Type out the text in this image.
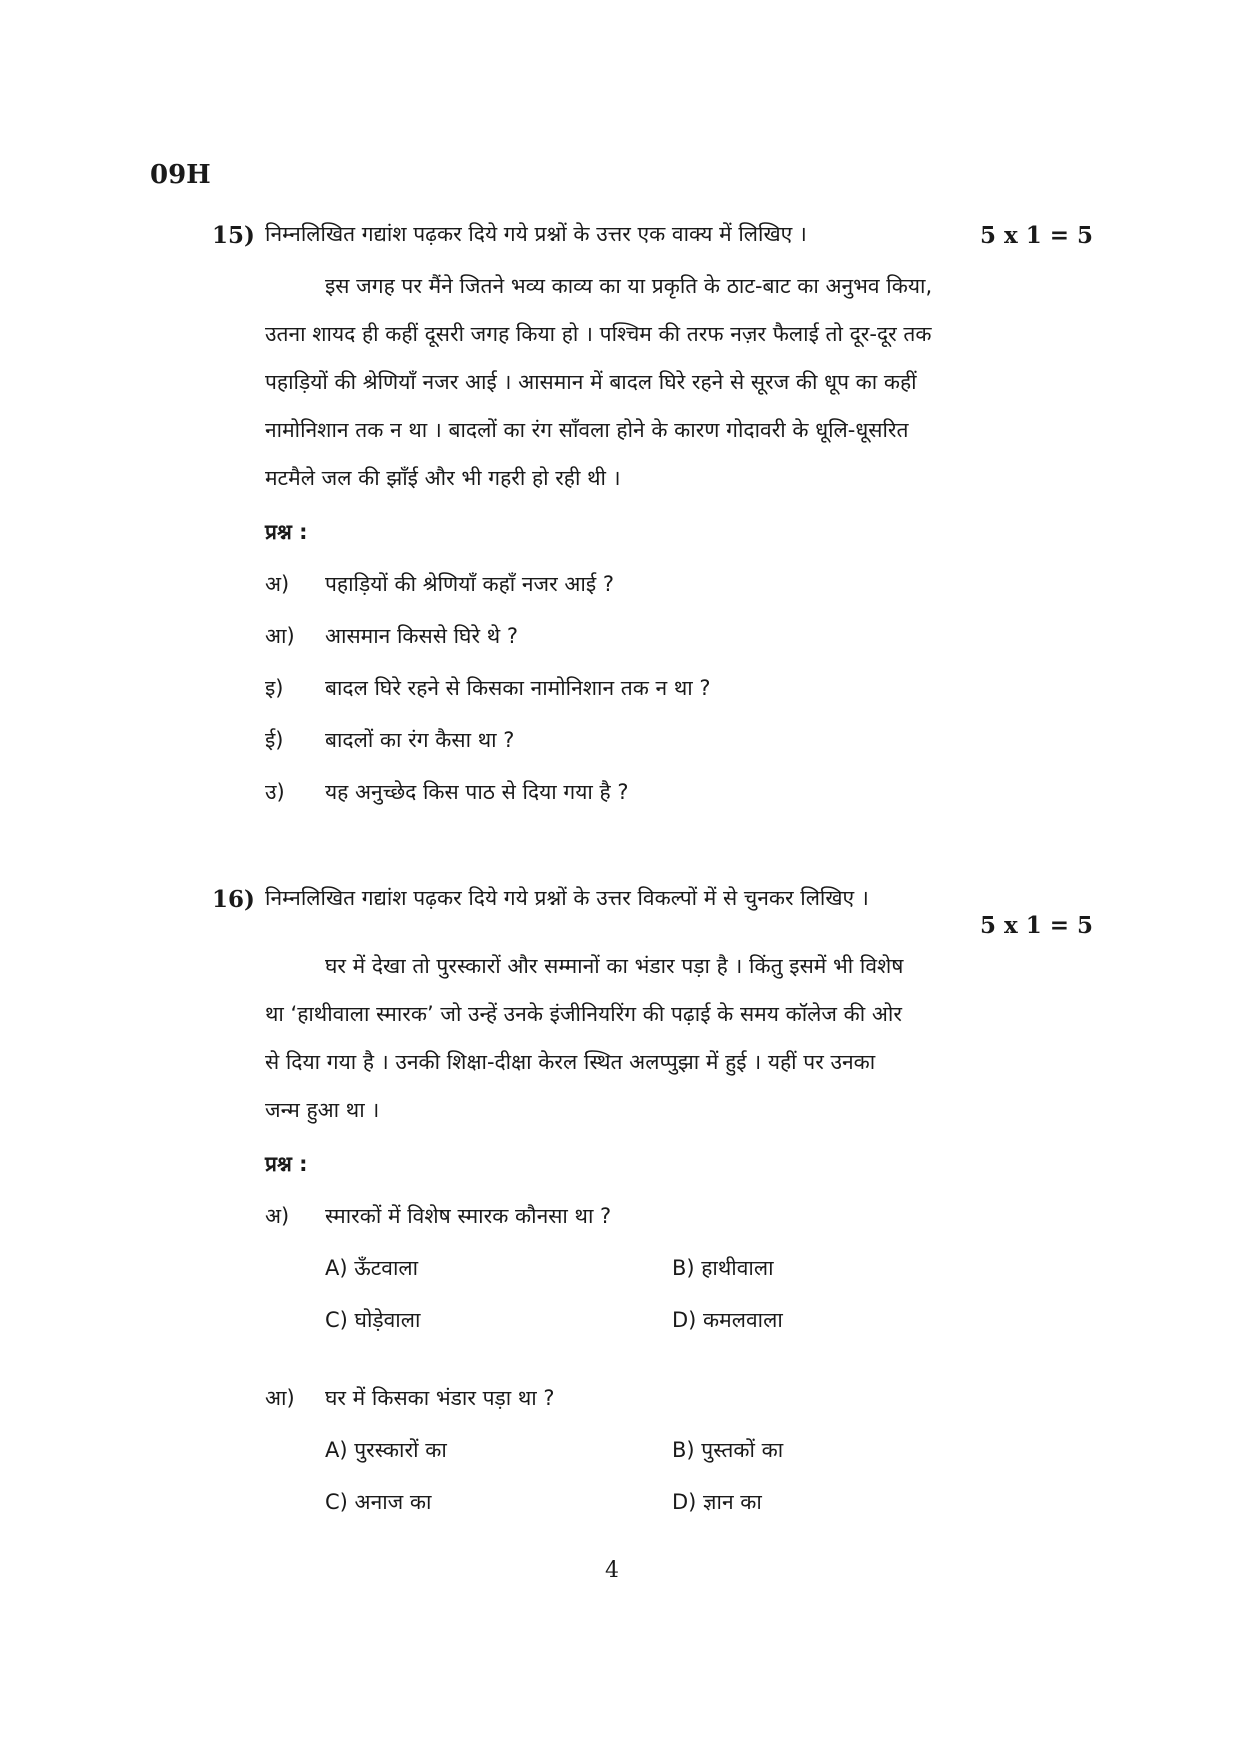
09H
15) निम्नलिखित गद्यांश पढ़कर दिये गये प्रश्नों के उत्तर एक वाक्य में लिखिए ।	5 x 1 = 5
इस जगह पर मैंने जितने भव्य काव्य का या प्रकृति के ठाट-बाट का अनुभव किया,
उतना शायद ही कहीं दूसरी जगह किया हो । पश्चिम की तरफ नज़र फैलाई तो दूर-दूर तक
पहाड़ियों की श्रेणियाँ नजर आई । आसमान में बादल घिरे रहने से सूरज की धूप का कहीं
नामोनिशान तक न था । बादलों का रंग साँवला होने के कारण गोदावरी के धूलि-धूसरित
मटमैले जल की झाँई और भी गहरी हो रही थी ।
प्रश्न :
अ) पहाड़ियों की श्रेणियाँ कहाँ नजर आई ?
आ) आसमान किससे घिरे थे ?
इ) बादल घिरे रहने से किसका नामोनिशान तक न था ?
ई) बादलों का रंग कैसा था ?
उ) यह अनुच्छेद किस पाठ से दिया गया है ?
16) निम्नलिखित गद्यांश पढ़कर दिये गये प्रश्नों के उत्तर विकल्पों में से चुनकर लिखिए ।
5 x 1 = 5
घर में देखा तो पुरस्कारों और सम्मानों का भंडार पड़ा है । किंतु इसमें भी विशेष
था ‘हाथीवाला स्मारक’ जो उन्हें उनके इंजीनियरिंग की पढ़ाई के समय कॉलेज की ओर
से दिया गया है । उनकी शिक्षा-दीक्षा केरल स्थित अलप्पुझा में हुई । यहीं पर उनका
जन्म हुआ था ।
प्रश्न :
अ) स्मारकों में विशेष स्मारक कौनसा था ?
A) ऊँटवाला	B) हाथीवाला
C) घोड़ेवाला	D) कमलवाला
आ) घर में किसका भंडार पड़ा था ?
A) पुरस्कारों का	B) पुस्तकों का
C) अनाज का	D) ज्ञान का
4
